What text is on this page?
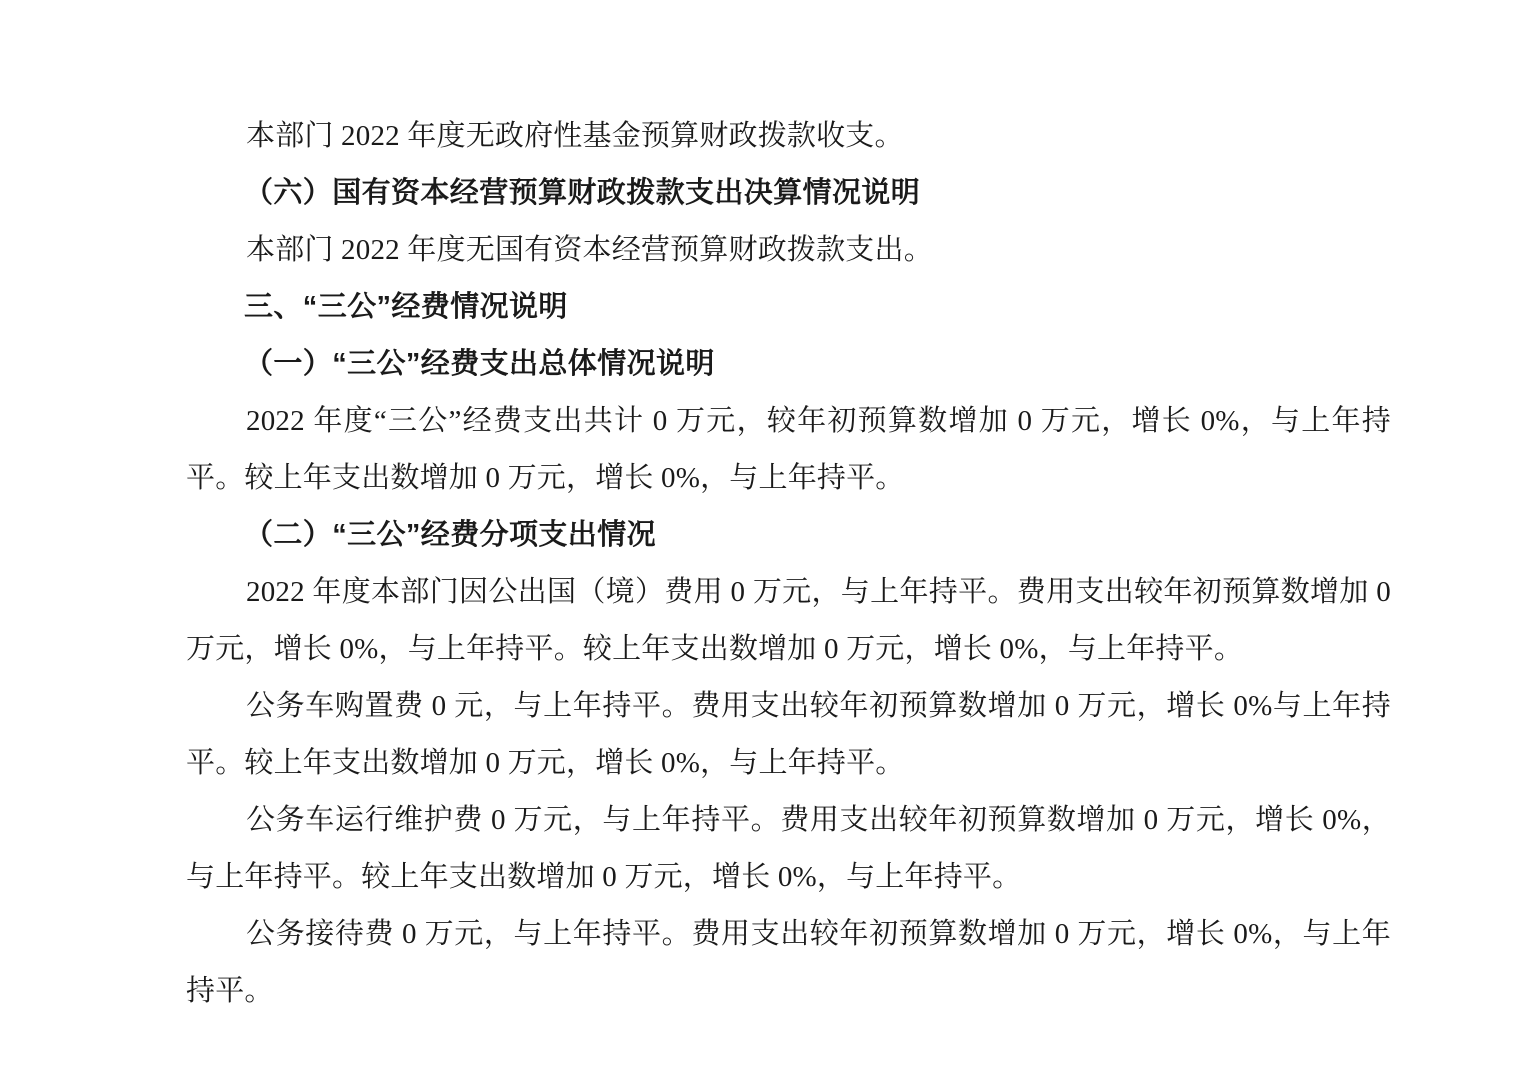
本部门 2022 年度无政府性基金预算财政拨款收支。

（六）国有资本经营预算财政拨款支出决算情况说明

本部门 2022 年度无国有资本经营预算财政拨款支出。

三、“三公”经费情况说明

（一）“三公”经费支出总体情况说明

2022 年度“三公”经费支出共计 0 万元，较年初预算数增加 0 万元，增长 0%，与上年持平。较上年支出数增加 0 万元，增长 0%，与上年持平。

（二）“三公”经费分项支出情况

2022 年度本部门因公出国（境）费用 0 万元，与上年持平。费用支出较年初预算数增加 0 万元，增长 0%，与上年持平。较上年支出数增加 0 万元，增长 0%，与上年持平。

公务车购置费 0 元，与上年持平。费用支出较年初预算数增加 0 万元，增长 0%与上年持平。较上年支出数增加 0 万元，增长 0%，与上年持平。

公务车运行维护费 0 万元，与上年持平。费用支出较年初预算数增加 0 万元，增长 0%，与上年持平。较上年支出数增加 0 万元，增长 0%，与上年持平。

公务接待费 0 万元，与上年持平。费用支出较年初预算数增加 0 万元，增长 0%，与上年持平。
